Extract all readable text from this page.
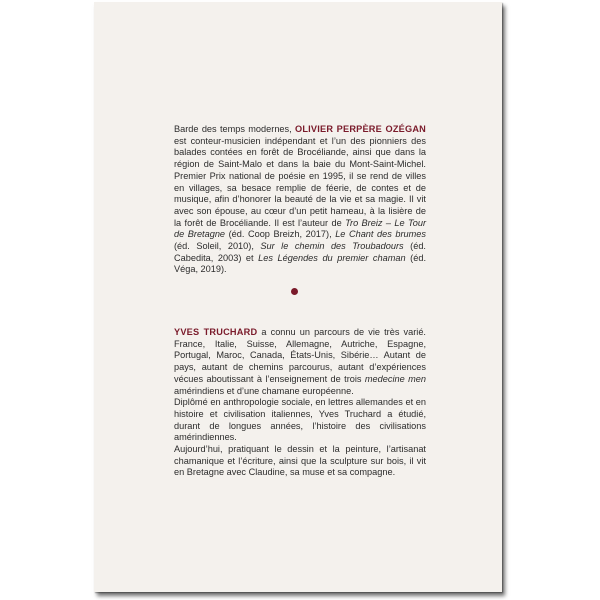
Barde des temps modernes, OLIVIER PERPÈRE OZÉGAN est conteur-musicien indépendant et l’un des pionniers des balades contées en forêt de Brocéliande, ainsi que dans la région de Saint-Malo et dans la baie du Mont-Saint-Michel. Premier Prix national de poésie en 1995, il se rend de villes en villages, sa besace remplie de féerie, de contes et de musique, afin d’honorer la beauté de la vie et sa magie. Il vit avec son épouse, au cœur d’un petit hameau, à la lisière de la forêt de Brocéliande. Il est l’auteur de Tro Breiz – Le Tour de Bretagne (éd. Coop Breizh, 2017), Le Chant des brumes (éd. Soleil, 2010), Sur le chemin des Troubadours (éd. Cabedita, 2003) et Les Légendes du premier chaman (éd. Véga, 2019).

YVES TRUCHARD a connu un parcours de vie très varié. France, Italie, Suisse, Allemagne, Autriche, Espagne, Portugal, Maroc, Canada, États-Unis, Sibérie… Autant de pays, autant de chemins parcourus, autant d’expériences vécues aboutissant à l’enseignement de trois medecine men amérindiens et d’une chamane européenne.

Diplômé en anthropologie sociale, en lettres allemandes et en histoire et civilisation italiennes, Yves Truchard a étudié, durant de longues années, l’histoire des civilisations amérindiennes.

Aujourd’hui, pratiquant le dessin et la peinture, l’artisanat chamanique et l’écriture, ainsi que la sculpture sur bois, il vit en Bretagne avec Claudine, sa muse et sa compagne.
